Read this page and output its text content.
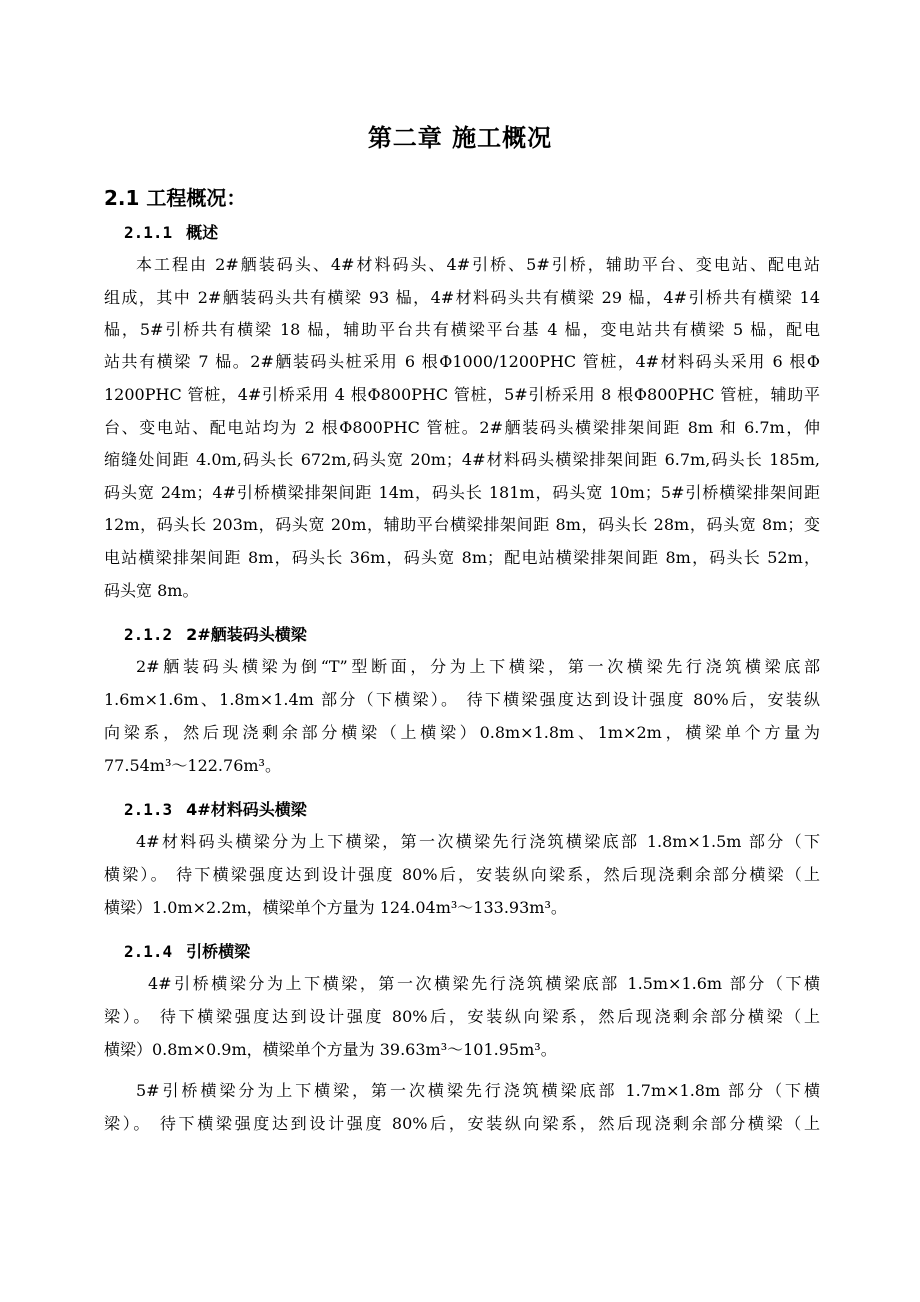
第二章 施工概况
2.1 工程概况：
2.1.1 概述
本工程由 2#舾装码头、4#材料码头、4#引桥、5#引桥，辅助平台、变电站、配电站
组成，其中 2#舾装码头共有横梁 93 榀，4#材料码头共有横梁 29 榀，4#引桥共有横梁 14
榀，5#引桥共有横梁 18 榀，辅助平台共有横梁平台基 4 榀，变电站共有横梁 5 榀，配电
站共有横梁 7 榀。2#舾装码头桩采用 6 根Φ1000/1200PHC 管桩，4#材料码头采用 6 根Φ
1200PHC 管桩，4#引桥采用 4 根Φ800PHC 管桩，5#引桥采用 8 根Φ800PHC 管桩，辅助平
台、变电站、配电站均为 2 根Φ800PHC 管桩。2#舾装码头横梁排架间距 8m 和 6.7m，伸
缩缝处间距 4.0m,码头长 672m,码头宽 20m；4#材料码头横梁排架间距 6.7m,码头长 185m,
码头宽 24m；4#引桥横梁排架间距 14m，码头长 181m，码头宽 10m；5#引桥横梁排架间距
12m，码头长 203m，码头宽 20m，辅助平台横梁排架间距 8m，码头长 28m，码头宽 8m；变
电站横梁排架间距 8m，码头长 36m，码头宽 8m；配电站横梁排架间距 8m，码头长 52m，
码头宽 8m。
2.1.2 2#舾装码头横梁
2#舾装码头横梁为倒“T”型断面，分为上下横梁，第一次横梁先行浇筑横梁底部
1.6m×1.6m、1.8m×1.4m 部分（下横梁）。 待下横梁强度达到设计强度 80%后，安装纵
向梁系，然后现浇剩余部分横梁（上横梁）0.8m×1.8m、1m×2m，横梁单个方量为
77.54m³～122.76m³。
2.1.3 4#材料码头横梁
4#材料码头横梁分为上下横梁，第一次横梁先行浇筑横梁底部 1.8m×1.5m 部分（下
横梁）。 待下横梁强度达到设计强度 80%后，安装纵向梁系，然后现浇剩余部分横梁（上
横梁）1.0m×2.2m，横梁单个方量为 124.04m³～133.93m³。
2.1.4 引桥横梁
4#引桥横梁分为上下横梁，第一次横梁先行浇筑横梁底部 1.5m×1.6m 部分（下横
梁）。 待下横梁强度达到设计强度 80%后，安装纵向梁系，然后现浇剩余部分横梁（上
横梁）0.8m×0.9m，横梁单个方量为 39.63m³～101.95m³。
5#引桥横梁分为上下横梁，第一次横梁先行浇筑横梁底部 1.7m×1.8m 部分（下横
梁）。 待下横梁强度达到设计强度 80%后，安装纵向梁系，然后现浇剩余部分横梁（上
